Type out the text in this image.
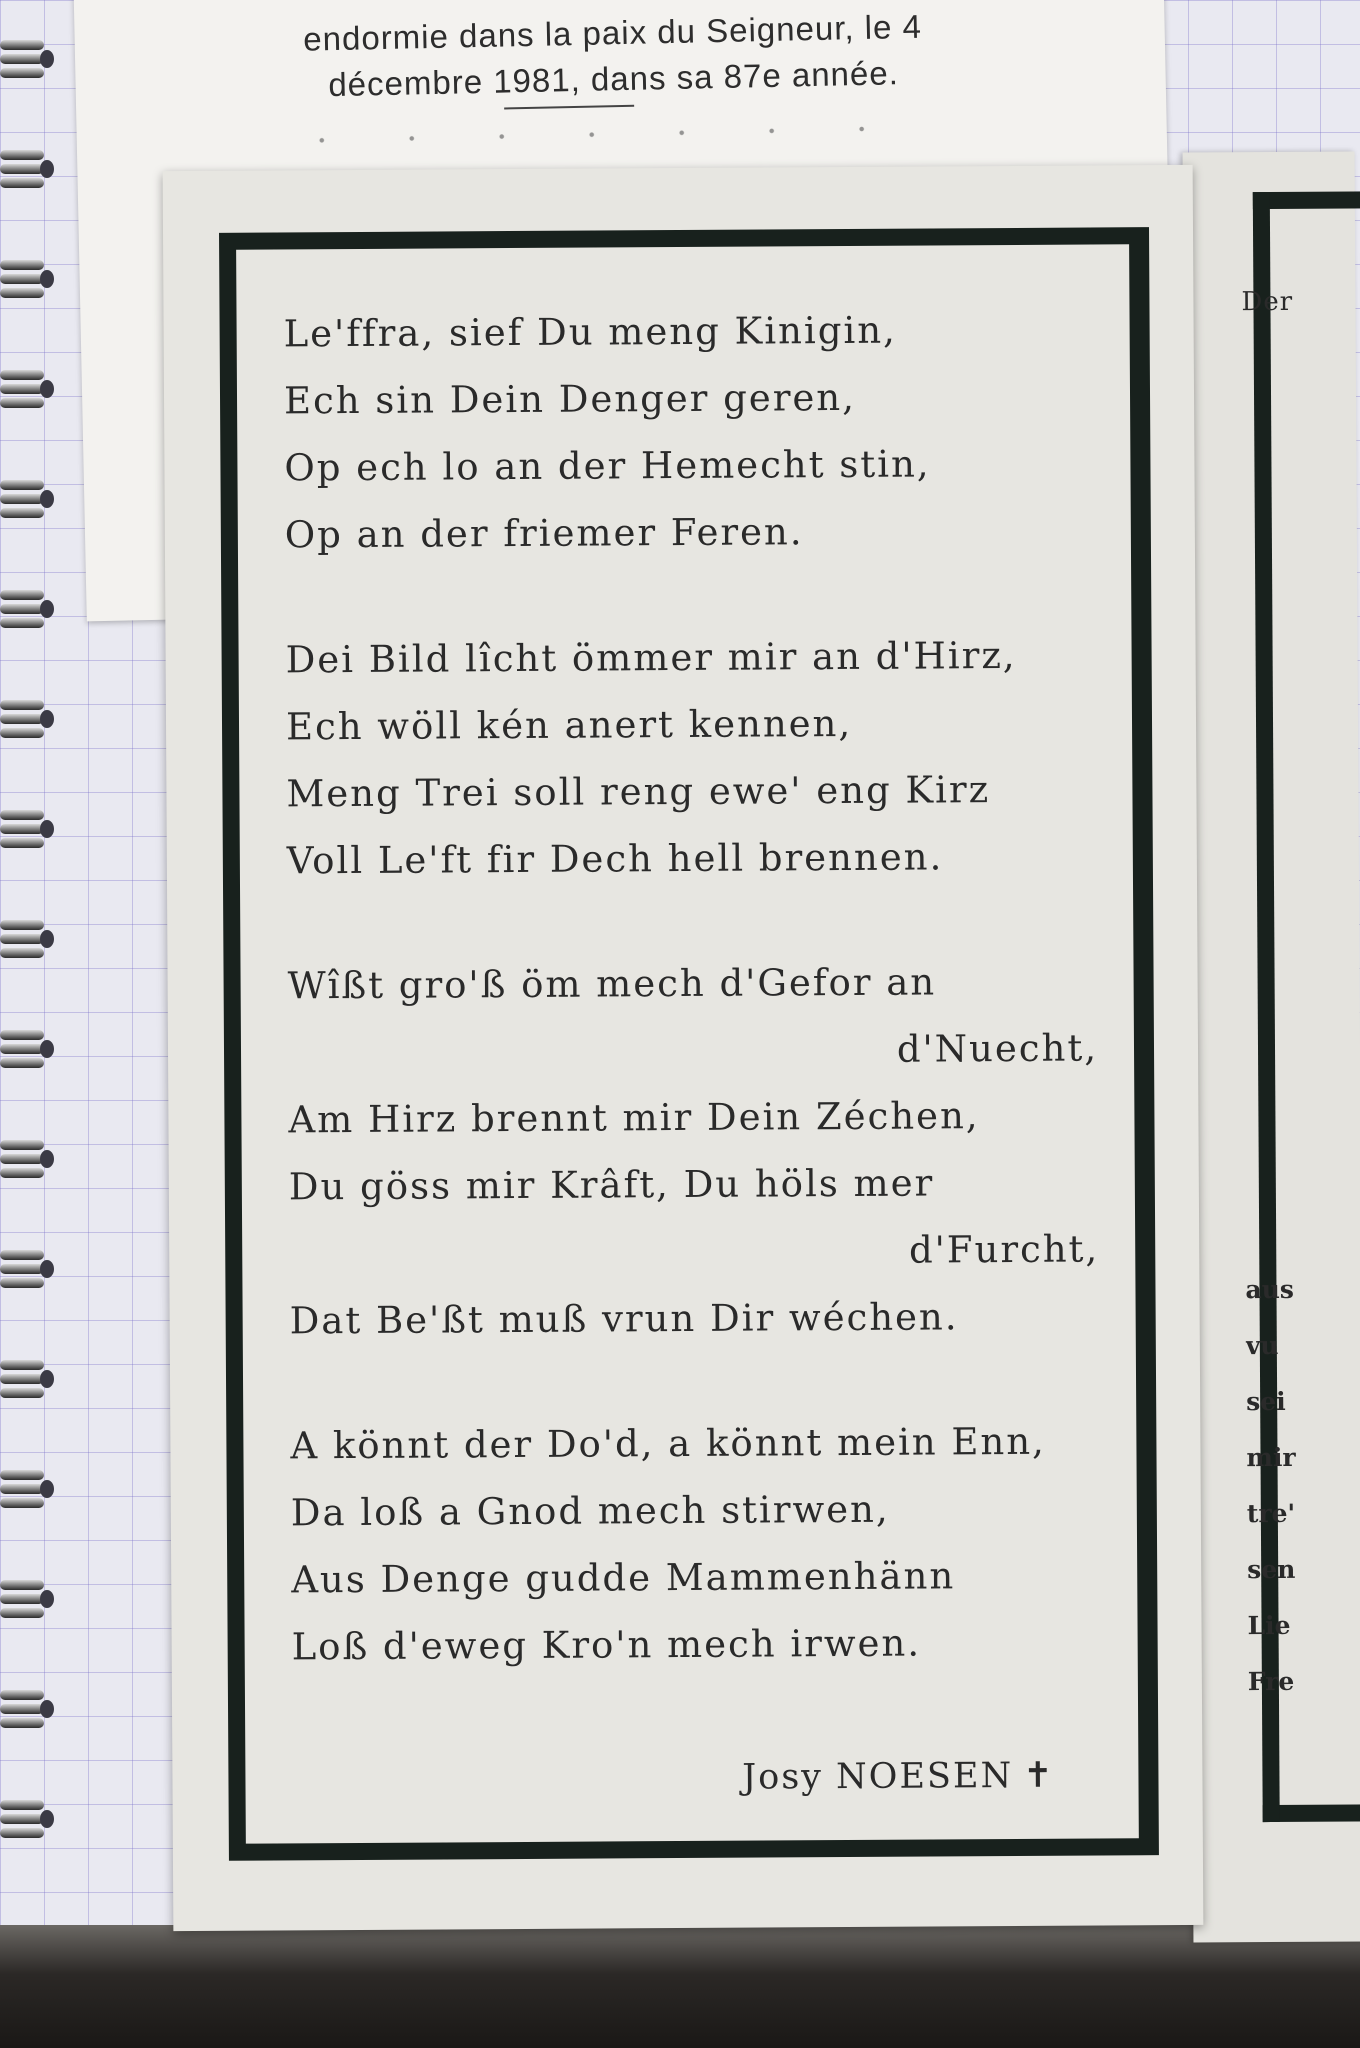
endormie dans la paix du Seigneur, le 4
décembre 1981, dans sa 87e année.
Der
aus
vu
sei
mir
tre'
sen
Lie
Fre
Le'ffra, sief Du meng Kinigin,
Ech sin Dein Denger geren,
Op ech lo an der Hemecht stin,
Op an der friemer Feren.
Dei Bild lîcht ömmer mir an d'Hirz,
Ech wöll kén anert kennen,
Meng Trei soll reng ewe' eng Kirz
Voll Le'ft fir Dech hell brennen.
Wîßt gro'ß öm mech d'Gefor an
d'Nuecht,
Am Hirz brennt mir Dein Zéchen,
Du göss mir Krâft, Du höls mer
d'Furcht,
Dat Be'ßt muß vrun Dir wéchen.
A könnt der Do'd, a könnt mein Enn,
Da loß a Gnod mech stirwen,
Aus Denge gudde Mammenhänn
Loß d'eweg Kro'n mech irwen.
Josy NOESEN ✝
